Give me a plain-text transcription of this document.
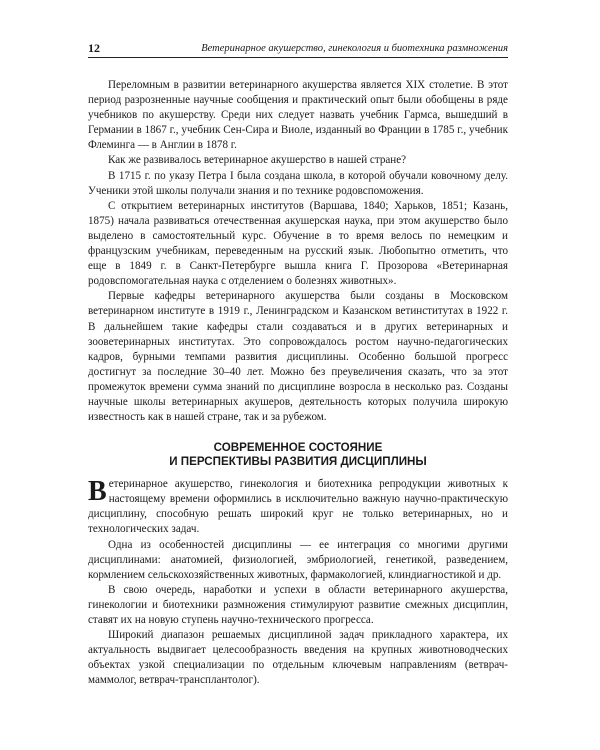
12	Ветеринарное акушерство, гинекология и биотехника размножения

Переломным в развитии ветеринарного акушерства является XIX столетие. В этот период разрозненные научные сообщения и практический опыт были обобщены в ряде учебников по акушерству. Среди них следует назвать учебник Гармса, вышедший в Германии в 1867 г., учебник Сен-Сира и Виоле, изданный во Франции в 1785 г., учебник Флеминга — в Англии в 1878 г.

Как же развивалось ветеринарное акушерство в нашей стране?

В 1715 г. по указу Петра I была создана школа, в которой обучали ковочному делу. Ученики этой школы получали знания и по технике родовспоможения.

С открытием ветеринарных институтов (Варшава, 1840; Харьков, 1851; Казань, 1875) начала развиваться отечественная акушерская наука, при этом акушерство было выделено в самостоятельный курс. Обучение в то время велось по немецким и французским учебникам, переведенным на русский язык. Любопытно отметить, что еще в 1849 г. в Санкт-Петербурге вышла книга Г. Прозорова «Ветеринарная родовспомогательная наука с отделением о болезнях животных».

Первые кафедры ветеринарного акушерства были созданы в Московском ветеринарном институте в 1919 г., Ленинградском и Казанском ветинститутах в 1922 г. В дальнейшем такие кафедры стали создаваться и в других ветеринарных и зооветеринарных институтах. Это сопровождалось ростом научно-педагогических кадров, бурными темпами развития дисциплины. Особенно большой прогресс достигнут за последние 30–40 лет. Можно без преувеличения сказать, что за этот промежуток времени сумма знаний по дисциплине возросла в несколько раз. Созданы научные школы ветеринарных акушеров, деятельность которых получила широкую известность как в нашей стране, так и за рубежом.

СОВРЕМЕННОЕ СОСТОЯНИЕ
И ПЕРСПЕКТИВЫ РАЗВИТИЯ ДИСЦИПЛИНЫ

Ветеринарное акушерство, гинекология и биотехника репродукции животных к настоящему времени оформились в исключительно важную научно-практическую дисциплину, способную решать широкий круг не только ветеринарных, но и технологических задач.

Одна из особенностей дисциплины — ее интеграция со многими другими дисциплинами: анатомией, физиологией, эмбриологией, генетикой, разведением, кормлением сельскохозяйственных животных, фармакологией, клиндиагностикой и др.

В свою очередь, наработки и успехи в области ветеринарного акушерства, гинекологии и биотехники размножения стимулируют развитие смежных дисциплин, ставят их на новую ступень научно-технического прогресса.

Широкий диапазон решаемых дисциплиной задач прикладного характера, их актуальность выдвигает целесообразность введения на крупных животноводческих объектах узкой специализации по отдельным ключевым направлениям (ветврач-маммолог, ветврач-трансплантолог).
